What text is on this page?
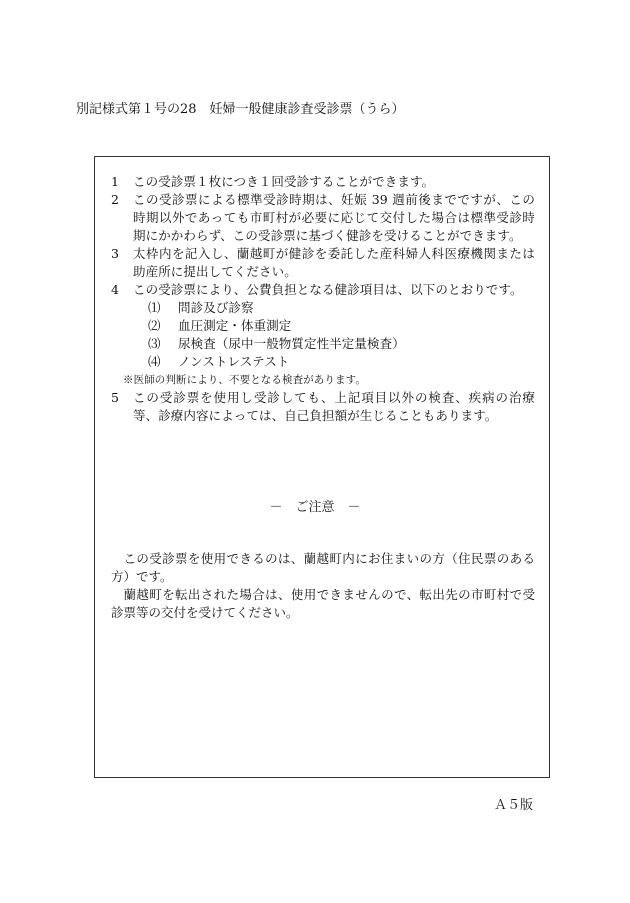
別記様式第１号の28　妊婦一般健康診査受診票（うら）
1	この受診票１枚につき１回受診することができます。
2	この受診票による標準受診時期は、妊娠 39 週前後までですが、この時期以外であっても市町村が必要に応じて交付した場合は標準受診時期にかかわらず、この受診票に基づく健診を受けることができます。
3	太枠内を記入し、蘭越町が健診を委託した産科婦人科医療機関または助産所に提出してください。
4	この受診票により、公費負担となる健診項目は、以下のとおりです。
⑴	問診及び診察
⑵	血圧測定・体重測定
⑶	尿検査（尿中一般物質定性半定量検査）
⑷	ノンストレステスト
※医師の判断により、不要となる検査があります。
5	この受診票を使用し受診しても、上記項目以外の検査、疾病の治療等、診療内容によっては、自己負担額が生じることもあります。
－　ご注意　－

この受診票を使用できるのは、蘭越町内にお住まいの方（住民票のある方）です。

蘭越町を転出された場合は、使用できませんので、転出先の市町村で受診票等の交付を受けてください。

Ａ５版
